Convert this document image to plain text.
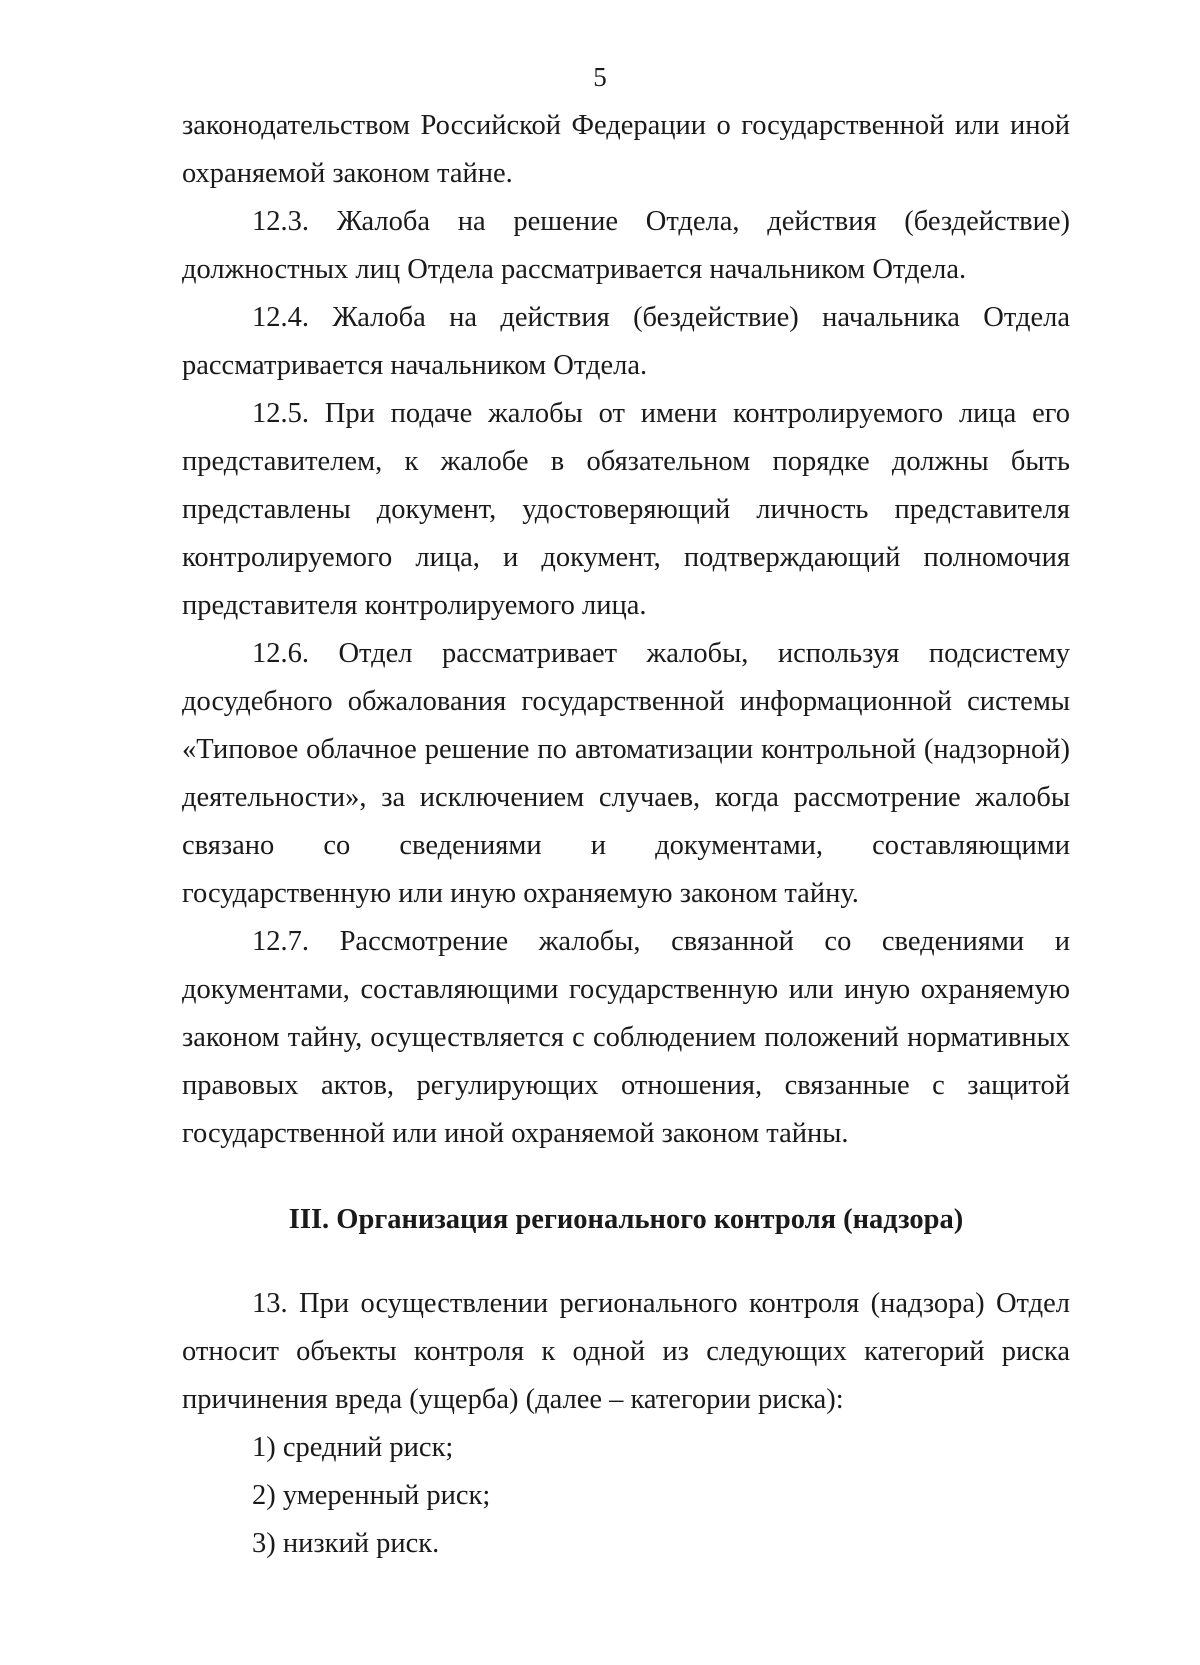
5

законодательством Российской Федерации о государственной или иной охраняемой законом тайне.

12.3. Жалоба на решение Отдела, действия (бездействие) должностных лиц Отдела рассматривается начальником Отдела.

12.4. Жалоба на действия (бездействие) начальника Отдела рассматривается начальником Отдела.

12.5. При подаче жалобы от имени контролируемого лица его представителем, к жалобе в обязательном порядке должны быть представлены документ, удостоверяющий личность представителя контролируемого лица, и документ, подтверждающий полномочия представителя контролируемого лица.

12.6. Отдел рассматривает жалобы, используя подсистему досудебного обжалования государственной информационной системы «Типовое облачное решение по автоматизации контрольной (надзорной) деятельности», за исключением случаев, когда рассмотрение жалобы связано со сведениями и документами, составляющими государственную или иную охраняемую законом тайну.

12.7. Рассмотрение жалобы, связанной со сведениями и документами, составляющими государственную или иную охраняемую законом тайну, осуществляется с соблюдением положений нормативных правовых актов, регулирующих отношения, связанные с защитой государственной или иной охраняемой законом тайны.

III. Организация регионального контроля (надзора)

13. При осуществлении регионального контроля (надзора) Отдел относит объекты контроля к одной из следующих категорий риска причинения вреда (ущерба) (далее – категории риска):

1) средний риск;

2) умеренный риск;

3) низкий риск.
